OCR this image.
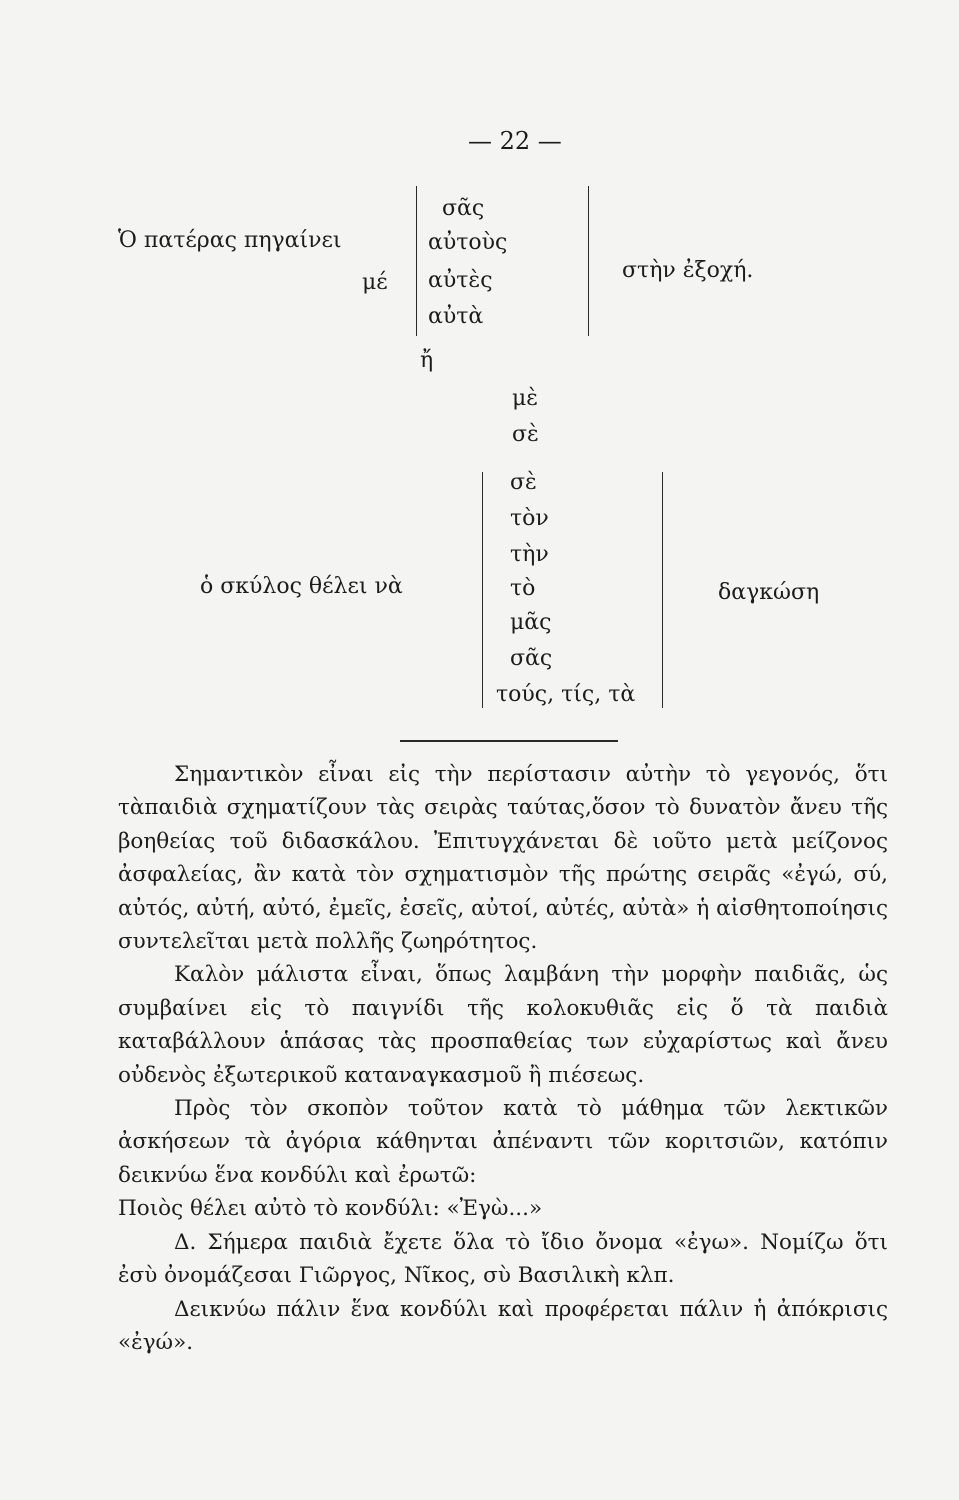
— 22 —
Ὁ πατέρας πηγαίνει
μέ
σᾶς
αὐτοὺς
αὐτὲς
αὐτὰ
στὴν ἐξοχή.
ἤ
μὲ
σὲ
ὁ σκύλος θέλει νὰ
σὲ
τὸν
τὴν
τὸ
μᾶς
σᾶς
τούς, τίς, τὰ
δαγκώση

Σημαντικὸν εἶναι εἰς τὴν περίστασιν αὐτὴν τὸ γεγονός, ὅτι τὰπαιδιὰ σχηματίζουν τὰς σειρὰς ταύτας,ὅσον τὸ δυνατὸν ἄνευ τῆς βοηθείας τοῦ διδασκάλου. Ἐπιτυγχάνεται δὲ ιοῦτο μετὰ μείζονος ἀσφαλείας, ἂν κατὰ τὸν σχηματισμὸν τῆς πρώτης σειρᾶς «ἐγώ, σύ, αὐτός, αὐτή, αὐτό, ἐμεῖς, ἐσεῖς, αὐτοί, αὐτές, αὐτὰ» ἡ αἰσθητοποίησις συντελεῖται μετὰ πολλῆς ζωηρότητος.

Καλὸν μάλιστα εἶναι, ὅπως λαμβάνη τὴν μορφὴν παιδιᾶς, ὡς συμβαίνει εἰς τὸ παιγνίδι τῆς κολοκυθιᾶς εἰς ὅ τὰ παιδιὰ καταβάλλουν ἁπάσας τὰς προσπαθείας των εὐχαρίστως καὶ ἄνευ οὐδενὸς ἐξωτερικοῦ καταναγκασμοῦ ἢ πιέσεως.

Πρὸς τὸν σκοπὸν τοῦτον κατὰ τὸ μάθημα τῶν λεκτικῶν ἀσκήσεων τὰ ἀγόρια κάθηνται ἀπέναντι τῶν κοριτσιῶν, κατόπιν δεικνύω ἕνα κονδύλι καὶ ἐρωτῶ:

Ποιὸς θέλει αὐτὸ τὸ κονδύλι: «Ἐγὼ...»

Δ. Σήμερα παιδιὰ ἔχετε ὅλα τὸ ἴδιο ὄνομα «ἐγω». Νομίζω ὅτι ἐσὺ ὀνομάζεσαι Γιῶργος, Νῖκος, σὺ Βασιλικὴ κλπ.

Δεικνύω πάλιν ἕνα κονδύλι καὶ προφέρεται πάλιν ἡ ἀπόκρισις «ἐγώ».
